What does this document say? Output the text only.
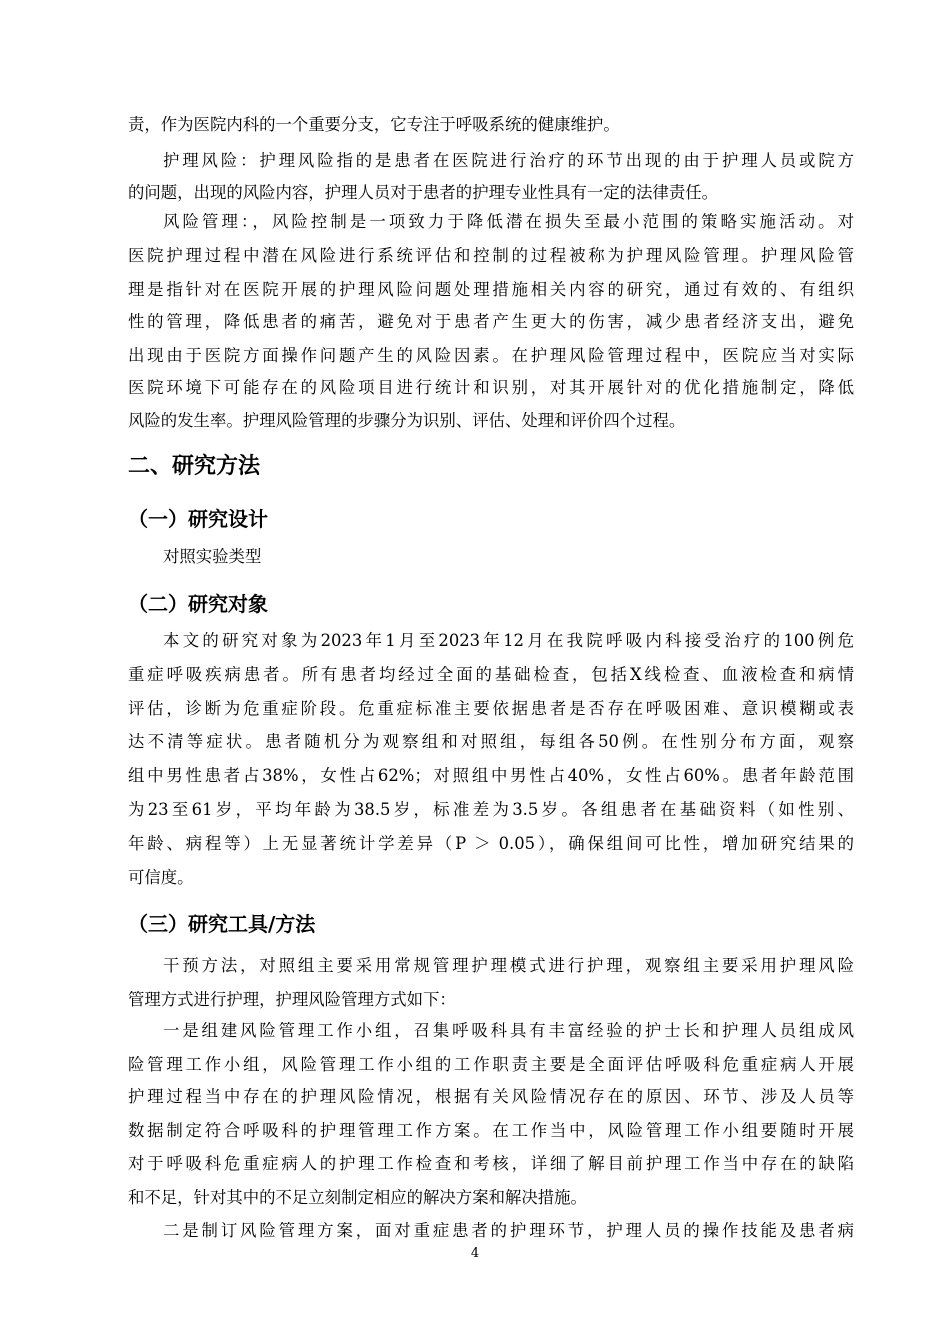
责，作为医院内科的一个重要分支，它专注于呼吸系统的健康维护。
护理风险：护理风险指的是患者在医院进行治疗的环节出现的由于护理人员或院方
的问题，出现的风险内容，护理人员对于患者的护理专业性具有一定的法律责任。
风险管理：，风险控制是一项致力于降低潜在损失至最小范围的策略实施活动。对
医院护理过程中潜在风险进行系统评估和控制的过程被称为护理风险管理。护理风险管
理是指针对在医院开展的护理风险问题处理措施相关内容的研究，通过有效的、有组织
性的管理，降低患者的痛苦，避免对于患者产生更大的伤害，减少患者经济支出，避免
出现由于医院方面操作问题产生的风险因素。在护理风险管理过程中，医院应当对实际
医院环境下可能存在的风险项目进行统计和识别，对其开展针对的优化措施制定，降低
风险的发生率。护理风险管理的步骤分为识别、评估、处理和评价四个过程。
二、研究方法
（一）研究设计
对照实验类型
（二）研究对象
本文的研究对象为2023年1月至2023年12月在我院呼吸内科接受治疗的100例危
重症呼吸疾病患者。所有患者均经过全面的基础检查，包括X线检查、血液检查和病情
评估，诊断为危重症阶段。危重症标准主要依据患者是否存在呼吸困难、意识模糊或表
达不清等症状。患者随机分为观察组和对照组，每组各50例。在性别分布方面，观察
组中男性患者占38%，女性占62%；对照组中男性占40%，女性占60%。患者年龄范围
为23至61岁，平均年龄为38.5岁，标准差为3.5岁。各组患者在基础资料（如性别、
年龄、病程等）上无显著统计学差异（P ＞ 0.05），确保组间可比性，增加研究结果的
可信度。
（三）研究工具/方法
干预方法，对照组主要采用常规管理护理模式进行护理，观察组主要采用护理风险
管理方式进行护理，护理风险管理方式如下：
一是组建风险管理工作小组，召集呼吸科具有丰富经验的护士长和护理人员组成风
险管理工作小组，风险管理工作小组的工作职责主要是全面评估呼吸科危重症病人开展
护理过程当中存在的护理风险情况，根据有关风险情况存在的原因、环节、涉及人员等
数据制定符合呼吸科的护理管理工作方案。在工作当中，风险管理工作小组要随时开展
对于呼吸科危重症病人的护理工作检查和考核，详细了解目前护理工作当中存在的缺陷
和不足，针对其中的不足立刻制定相应的解决方案和解决措施。
二是制订风险管理方案，面对重症患者的护理环节，护理人员的操作技能及患者病
4
